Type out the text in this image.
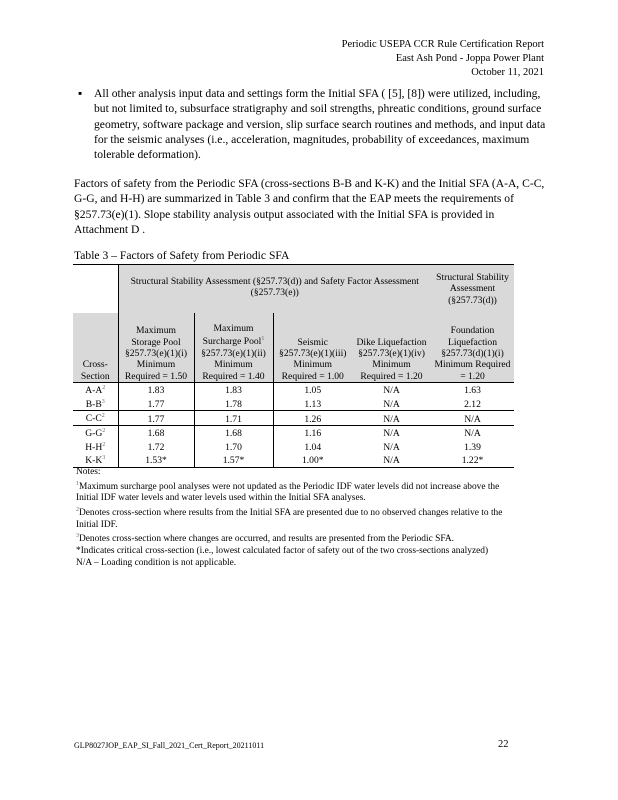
Periodic USEPA CCR Rule Certification Report
East Ash Pond - Joppa Power Plant
October 11, 2021
▪ All other analysis input data and settings form the Initial SFA ( [5], [8]) were utilized, including, but not limited to, subsurface stratigraphy and soil strengths, phreatic conditions, ground surface geometry, software package and version, slip surface search routines and methods, and input data for the seismic analyses (i.e., acceleration, magnitudes, probability of exceedances, maximum tolerable deformation).
Factors of safety from the Periodic SFA (cross-sections B-B and K-K) and the Initial SFA (A-A, C-C, G-G, and H-H) are summarized in Table 3 and confirm that the EAP meets the requirements of §257.73(e)(1). Slope stability analysis output associated with the Initial SFA is provided in Attachment D .
Table 3 – Factors of Safety from Periodic SFA
	Structural Stability Assessment (§257.73(d)) and Safety Factor Assessment (§257.73(e))				Structural Stability Assessment (§257.73(d))
Cross-Section	Maximum Storage Pool §257.73(e)(1)(i) Minimum Required = 1.50	Maximum Surcharge Pool$^1$ §257.73(e)(1)(ii) Minimum Required = 1.40	Seismic §257.73(e)(1)(iii) Minimum Required = 1.00	Dike Liquefaction §257.73(e)(1)(iv) Minimum Required = 1.20	Foundation Liquefaction §257.73(d)(1)(i) Minimum Required = 1.20
$A-A^2$	1.83	1.83	1.05	N/A	1.63
$B-B^3$	1.77	1.78	1.13	N/A	2.12
$C-C^2$	1.77	1.71	1.26	N/A	N/A
$G-G^2$	1.68	1.68	1.16	N/A	N/A
$H-H^2$	1.72	1.70	1.04	N/A	1.39
$K-K^3$	1.53*	1.57*	1.00*	N/A	1.22*
Notes:
$^1$Maximum surcharge pool analyses were not updated as the Periodic IDF water levels did not increase above the Initial IDF water levels and water levels used within the Initial SFA analyses.
$^2$Denotes cross-section where results from the Initial SFA are presented due to no observed changes relative to the Initial IDF.
$^3$Denotes cross-section where changes are occurred, and results are presented from the Periodic SFA.
*Indicates critical cross-section (i.e., lowest calculated factor of safety out of the two cross-sections analyzed)
N/A – Loading condition is not applicable.
GLP8027JOP_EAP_SI_Fall_2021_Cert_Report_20211011	22
